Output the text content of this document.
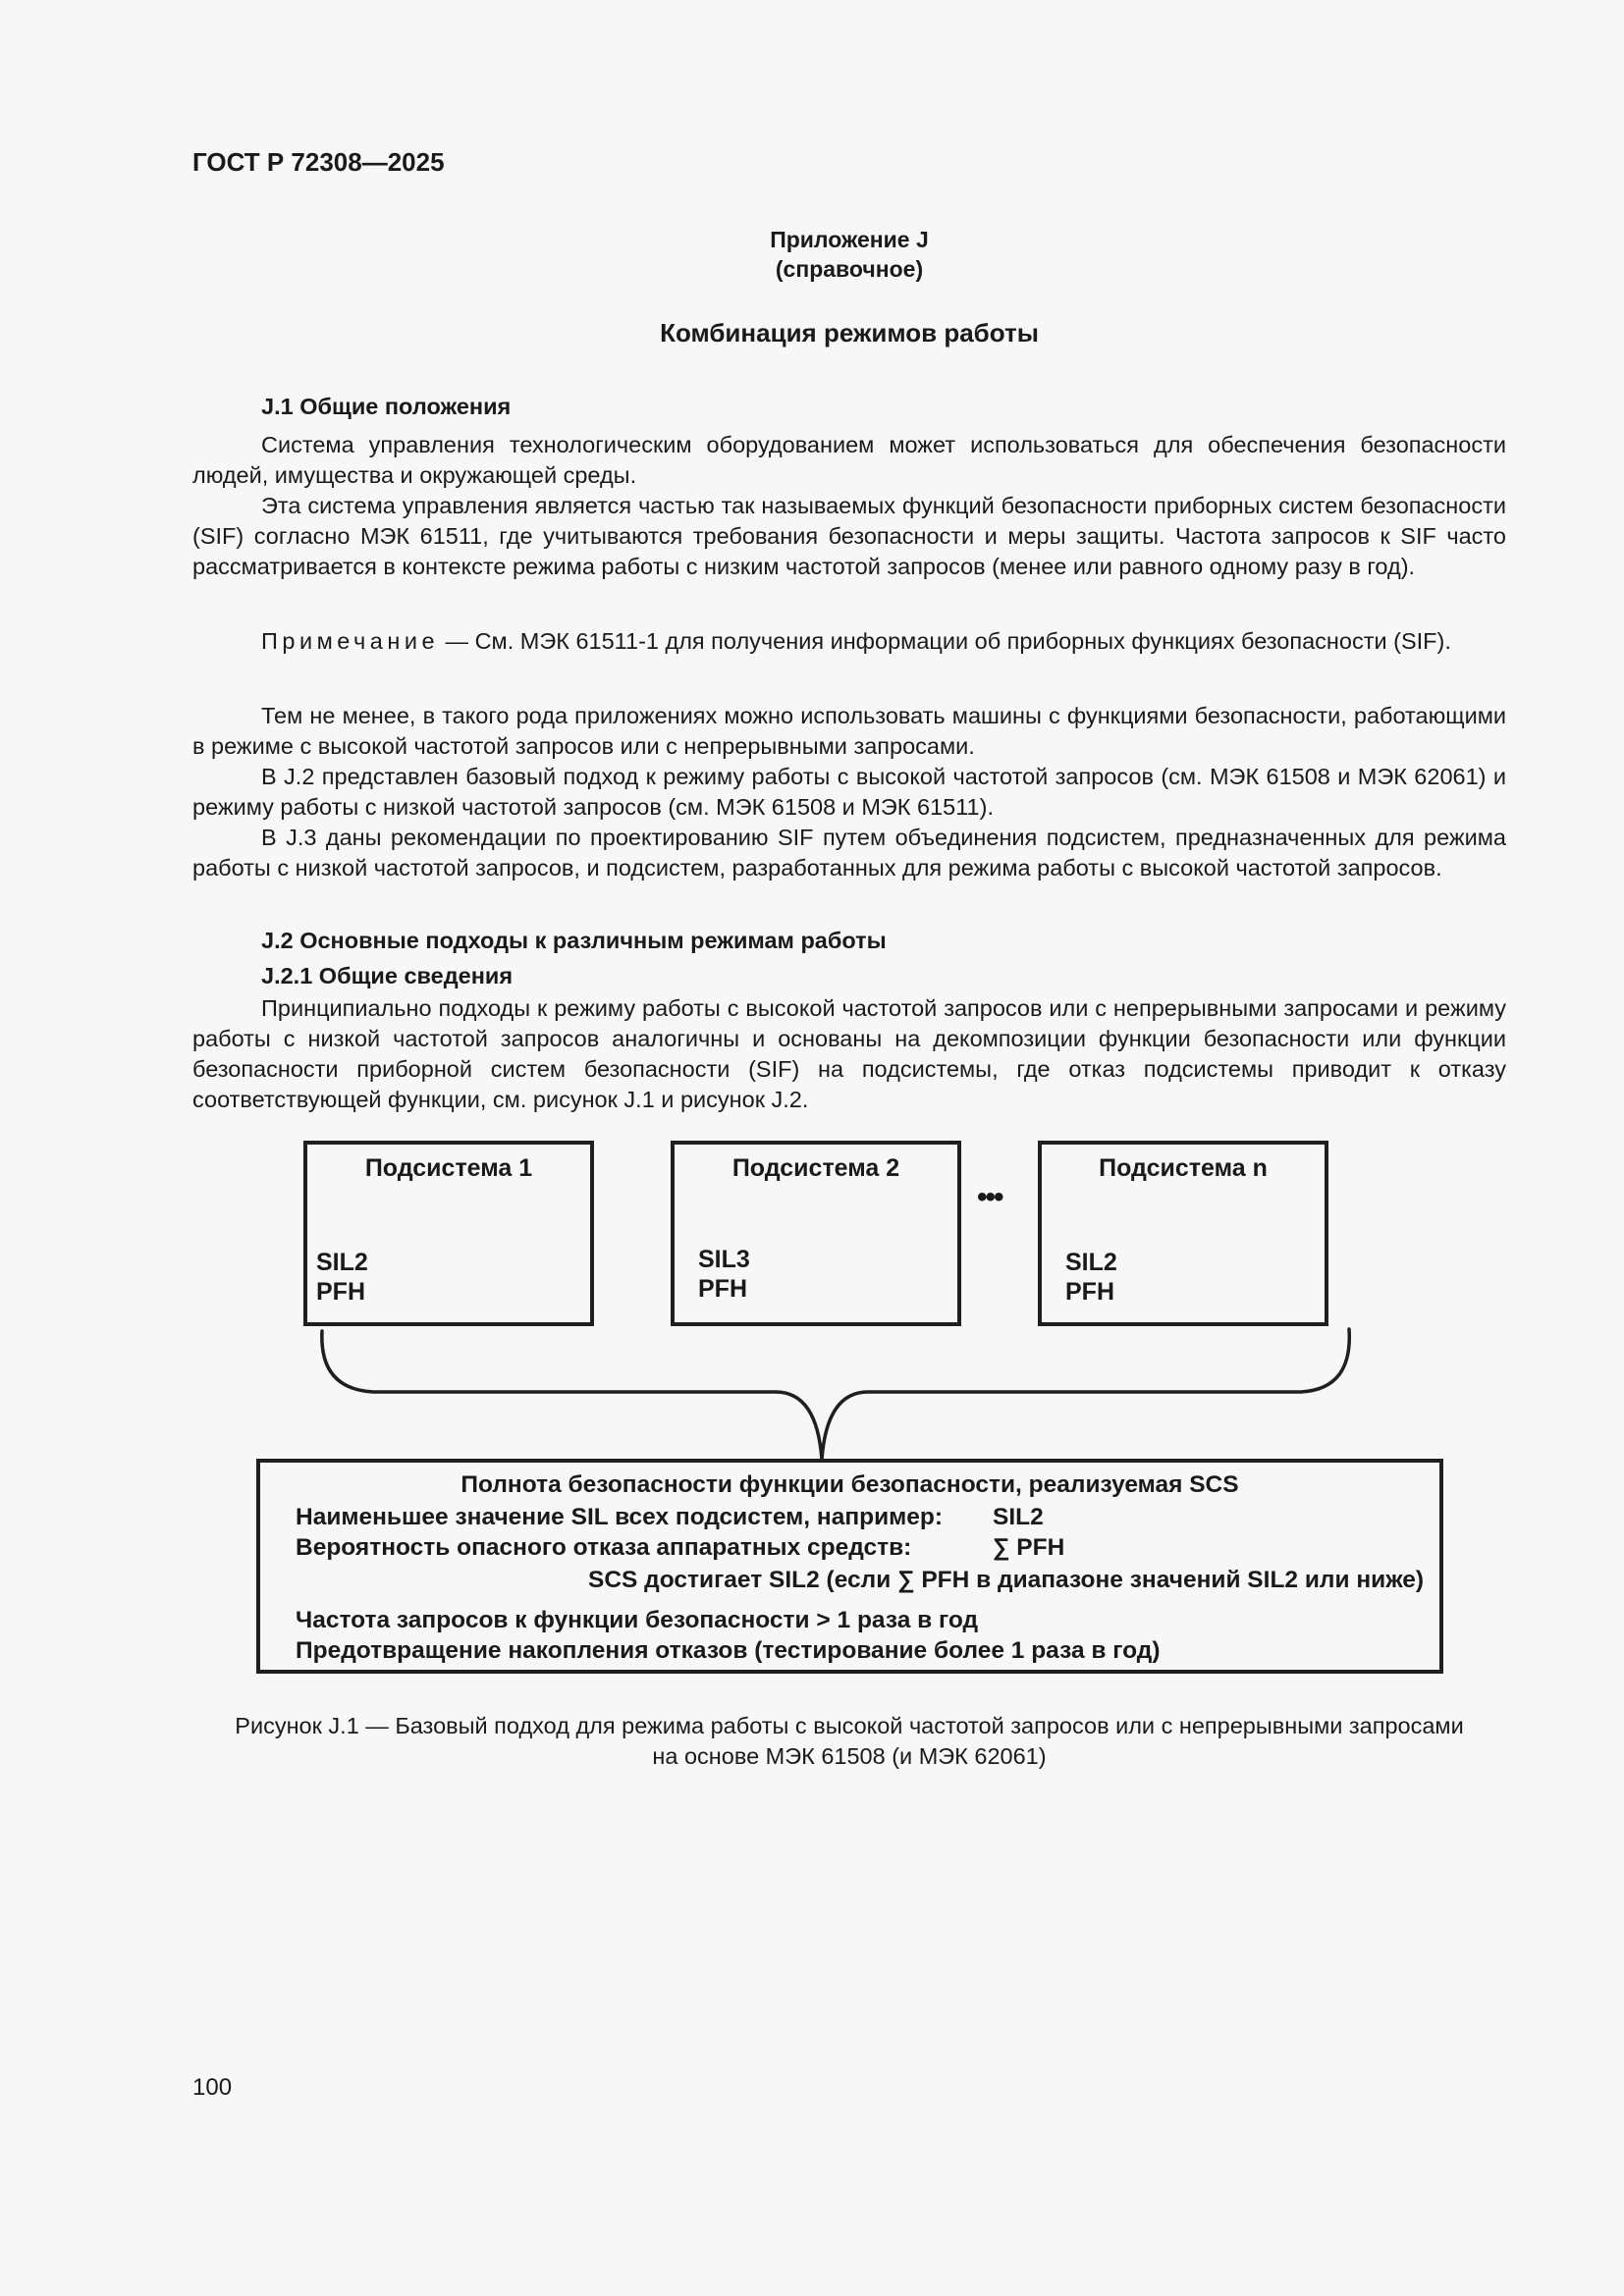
ГОСТ Р 72308—2025
Приложение J
(справочное)
Комбинация режимов работы
J.1 Общие положения
Система управления технологическим оборудованием может использоваться для обеспечения безопасности людей, имущества и окружающей среды.
Эта система управления является частью так называемых функций безопасности приборных систем безопасности (SIF) согласно МЭК 61511, где учитываются требования безопасности и меры защиты. Частота запросов к SIF часто рассматривается в контексте режима работы с низким частотой запросов (менее или равного одному разу в год).
Примечание — См. МЭК 61511-1 для получения информации об приборных функциях безопасности (SIF).
Тем не менее, в такого рода приложениях можно использовать машины с функциями безопасности, работающими в режиме с высокой частотой запросов или с непрерывными запросами.
В J.2 представлен базовый подход к режиму работы с высокой частотой запросов (см. МЭК 61508 и МЭК 62061) и режиму работы с низкой частотой запросов (см. МЭК 61508 и МЭК 61511).
В J.3 даны рекомендации по проектированию SIF путем объединения подсистем, предназначенных для режима работы с низкой частотой запросов, и подсистем, разработанных для режима работы с высокой частотой запросов.
J.2 Основные подходы к различным режимам работы
J.2.1 Общие сведения
Принципиально подходы к режиму работы с высокой частотой запросов или с непрерывными запросами и режиму работы с низкой частотой запросов аналогичны и основаны на декомпозиции функции безопасности или функции безопасности приборной систем безопасности (SIF) на подсистемы, где отказ подсистемы приводит к отказу соответствующей функции, см. рисунок J.1 и рисунок J.2.
Подсистема 1
SIL2
PFH
Подсистема 2
SIL3
PFH
•••
Подсистема n
SIL2
PFH
Полнота безопасности функции безопасности, реализуемая SCS
Наименьшее значение SIL всех подсистем, например: SIL2
Вероятность опасного отказа аппаратных средств:	∑ PFH
SCS достигает SIL2 (если ∑ PFH в диапазоне значений SIL2 или ниже)
Частота запросов к функции безопасности > 1 раза в год
Предотвращение накопления отказов (тестирование более 1 раза в год)
Рисунок J.1 — Базовый подход для режима работы с высокой частотой запросов или с непрерывными запросами
на основе МЭК 61508 (и МЭК 62061)
100
